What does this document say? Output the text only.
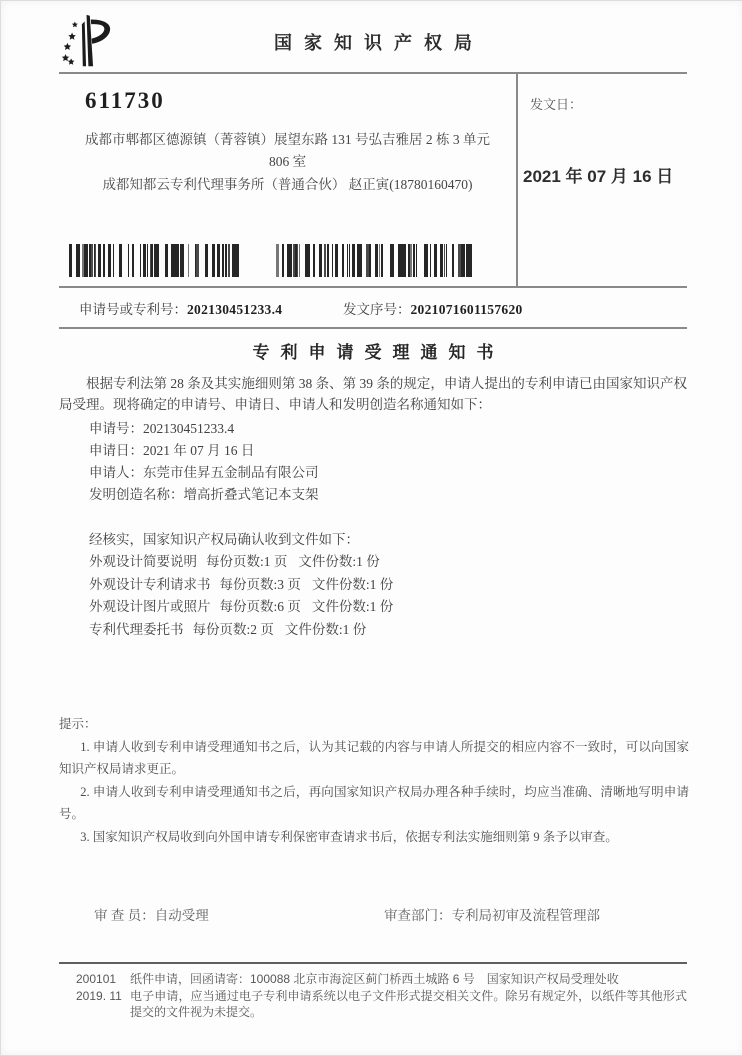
国家知识产权局
611730
成都市郫都区德源镇（菁蓉镇）展望东路 131 号弘吉雅居 2 栋 3 单元
806 室
成都知都云专利代理事务所（普通合伙） 赵正寅(18780160470)
发文日：
2021 年 07 月 16 日
申请号或专利号：202130451233.4	发文序号：2021071601157620
专利申请受理通知书

根据专利法第 28 条及其实施细则第 38 条、第 39 条的规定，申请人提出的专利申请已由国家知识产权局受理。现将确定的申请号、申请日、申请人和发明创造名称通知如下：

申请号：202130451233.4
申请日：2021 年 07 月 16 日
申请人：东莞市佳昇五金制品有限公司
发明创造名称：增高折叠式笔记本支架
经核实，国家知识产权局确认收到文件如下：
外观设计简要说明 每份页数:1 页 文件份数:1 份
外观设计专利请求书 每份页数:3 页 文件份数:1 份
外观设计图片或照片 每份页数:6 页 文件份数:1 份
专利代理委托书 每份页数:2 页 文件份数:1 份
提示：
1. 申请人收到专利申请受理通知书之后，认为其记载的内容与申请人所提交的相应内容不一致时，可以向国家知识产权局请求更正。
2. 申请人收到专利申请受理通知书之后，再向国家知识产权局办理各种手续时，均应当准确、清晰地写明申请号。
3. 国家知识产权局收到向外国申请专利保密审查请求书后，依据专利法实施细则第 9 条予以审查。
审 查 员：自动受理	审查部门：专利局初审及流程管理部
200101	纸件申请，回函请寄：100088 北京市海淀区蓟门桥西土城路 6 号　国家知识产权局受理处收
2019. 11 电子申请，应当通过电子专利申请系统以电子文件形式提交相关文件。除另有规定外，以纸件等其他形式提交的文件视为未提交。
